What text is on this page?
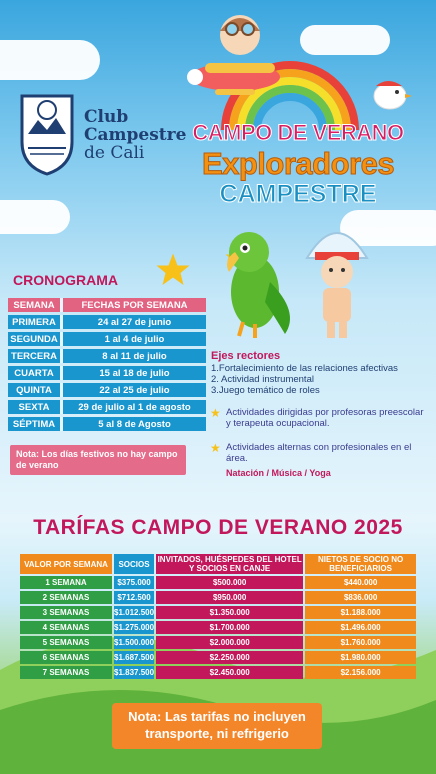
Club
Campestre
de Cali
CAMPO DE VERANO
Exploradores
CAMPESTRE
CRONOGRAMA
SEMANA	FECHAS POR SEMANA
PRIMERA	24 al 27 de junio
SEGUNDA	1 al 4 de julio
TERCERA	8 al 11 de julio
CUARTA	15 al 18 de julio
QUINTA	22 al 25 de julio
SEXTA	29 de julio al 1 de agosto
SÉPTIMA	5 al 8 de Agosto
Nota: Los días festivos no hay campo de verano
Ejes rectores
1.Fortalecimiento de las relaciones afectivas
2. Actividad instrumental
3.Juego temático de roles
★ Actividades dirigidas por profesoras preescolar y terapeuta ocupacional.
★ Actividades alternas con profesionales en el área.
Natación / Música / Yoga
TARÍFAS CAMPO DE VERANO 2025
VALOR POR SEMANA	SOCIOS	INVITADOS, HUÉSPEDES DEL HOTEL Y SOCIOS EN CANJE	NIETOS DE SOCIO NO BENEFICIARIOS
1 SEMANA	$375.000	$500.000	$440.000
2 SEMANAS	$712.500	$950.000	$836.000
3 SEMANAS	$1.012.500	$1.350.000	$1.188.000
4 SEMANAS	$1.275.000	$1.700.000	$1.496.000
5 SEMANAS	$1.500.000	$2.000.000	$1.760.000
6 SEMANAS	$1.687.500	$2.250.000	$1.980.000
7 SEMANAS	$1.837.500	$2.450.000	$2.156.000
Nota: Las tarifas no incluyen transporte, ni refrigerio
